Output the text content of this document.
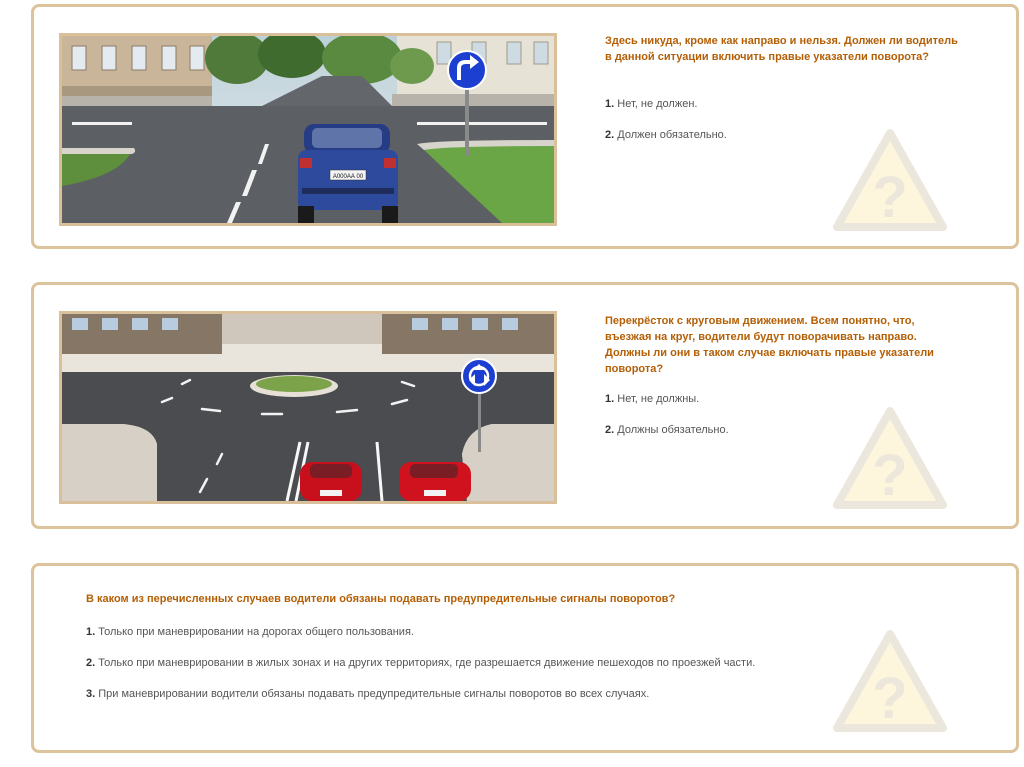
А000АА 00

Здесь никуда, кроме как направо и нельзя. Должен ли водитель в данной ситуации включить правые указатели поворота?

1. Нет, не должен.

2. Должен обязательно.

?

Перекрёсток с круговым движением. Всем понятно, что, въезжая на круг, водители будут поворачивать направо. Должны ли они в таком случае включать правые указатели поворота?

1. Нет, не должны.

2. Должны обязательно.

?

В каком из перечисленных случаев водители обязаны подавать предупредительные сигналы поворотов?

1. Только при маневрировании на дорогах общего пользования.

2. Только при маневрировании в жилых зонах и на других территориях, где разрешается движение пешеходов по проезжей части.

3. При маневрировании водители обязаны подавать предупредительные сигналы поворотов во всех случаях.	?
